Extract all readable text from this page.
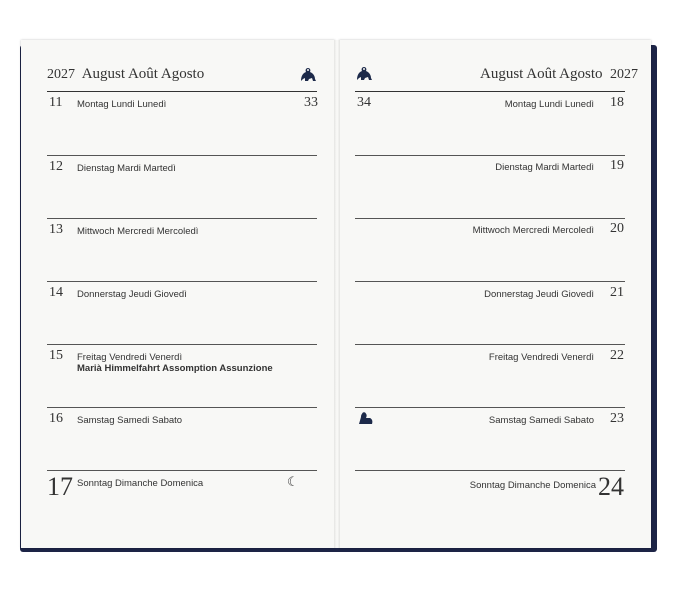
2027 August Août Agosto	August Août Agosto 2027
11 Montag Lundi Lunedì	33
12 Dienstag Mardi Martedì
13 Mittwoch Mercredi Mercoledì
14 Donnerstag Jeudi Giovedì
15 Freitag Vendredi Venerdì
Marià Himmelfahrt Assomption Assunzione
16 Samstag Samedi Sabato
17 Sonntag Dimanche Domenica	☾
34	Montag Lundi Lunedì 18
Dienstag Mardi Martedì 19
Mittwoch Mercredi Mercoledì 20
Donnerstag Jeudi Giovedì 21
Freitag Vendredi Venerdì 22
Samstag Samedi Sabato 23
Sonntag Dimanche Domenica 24
